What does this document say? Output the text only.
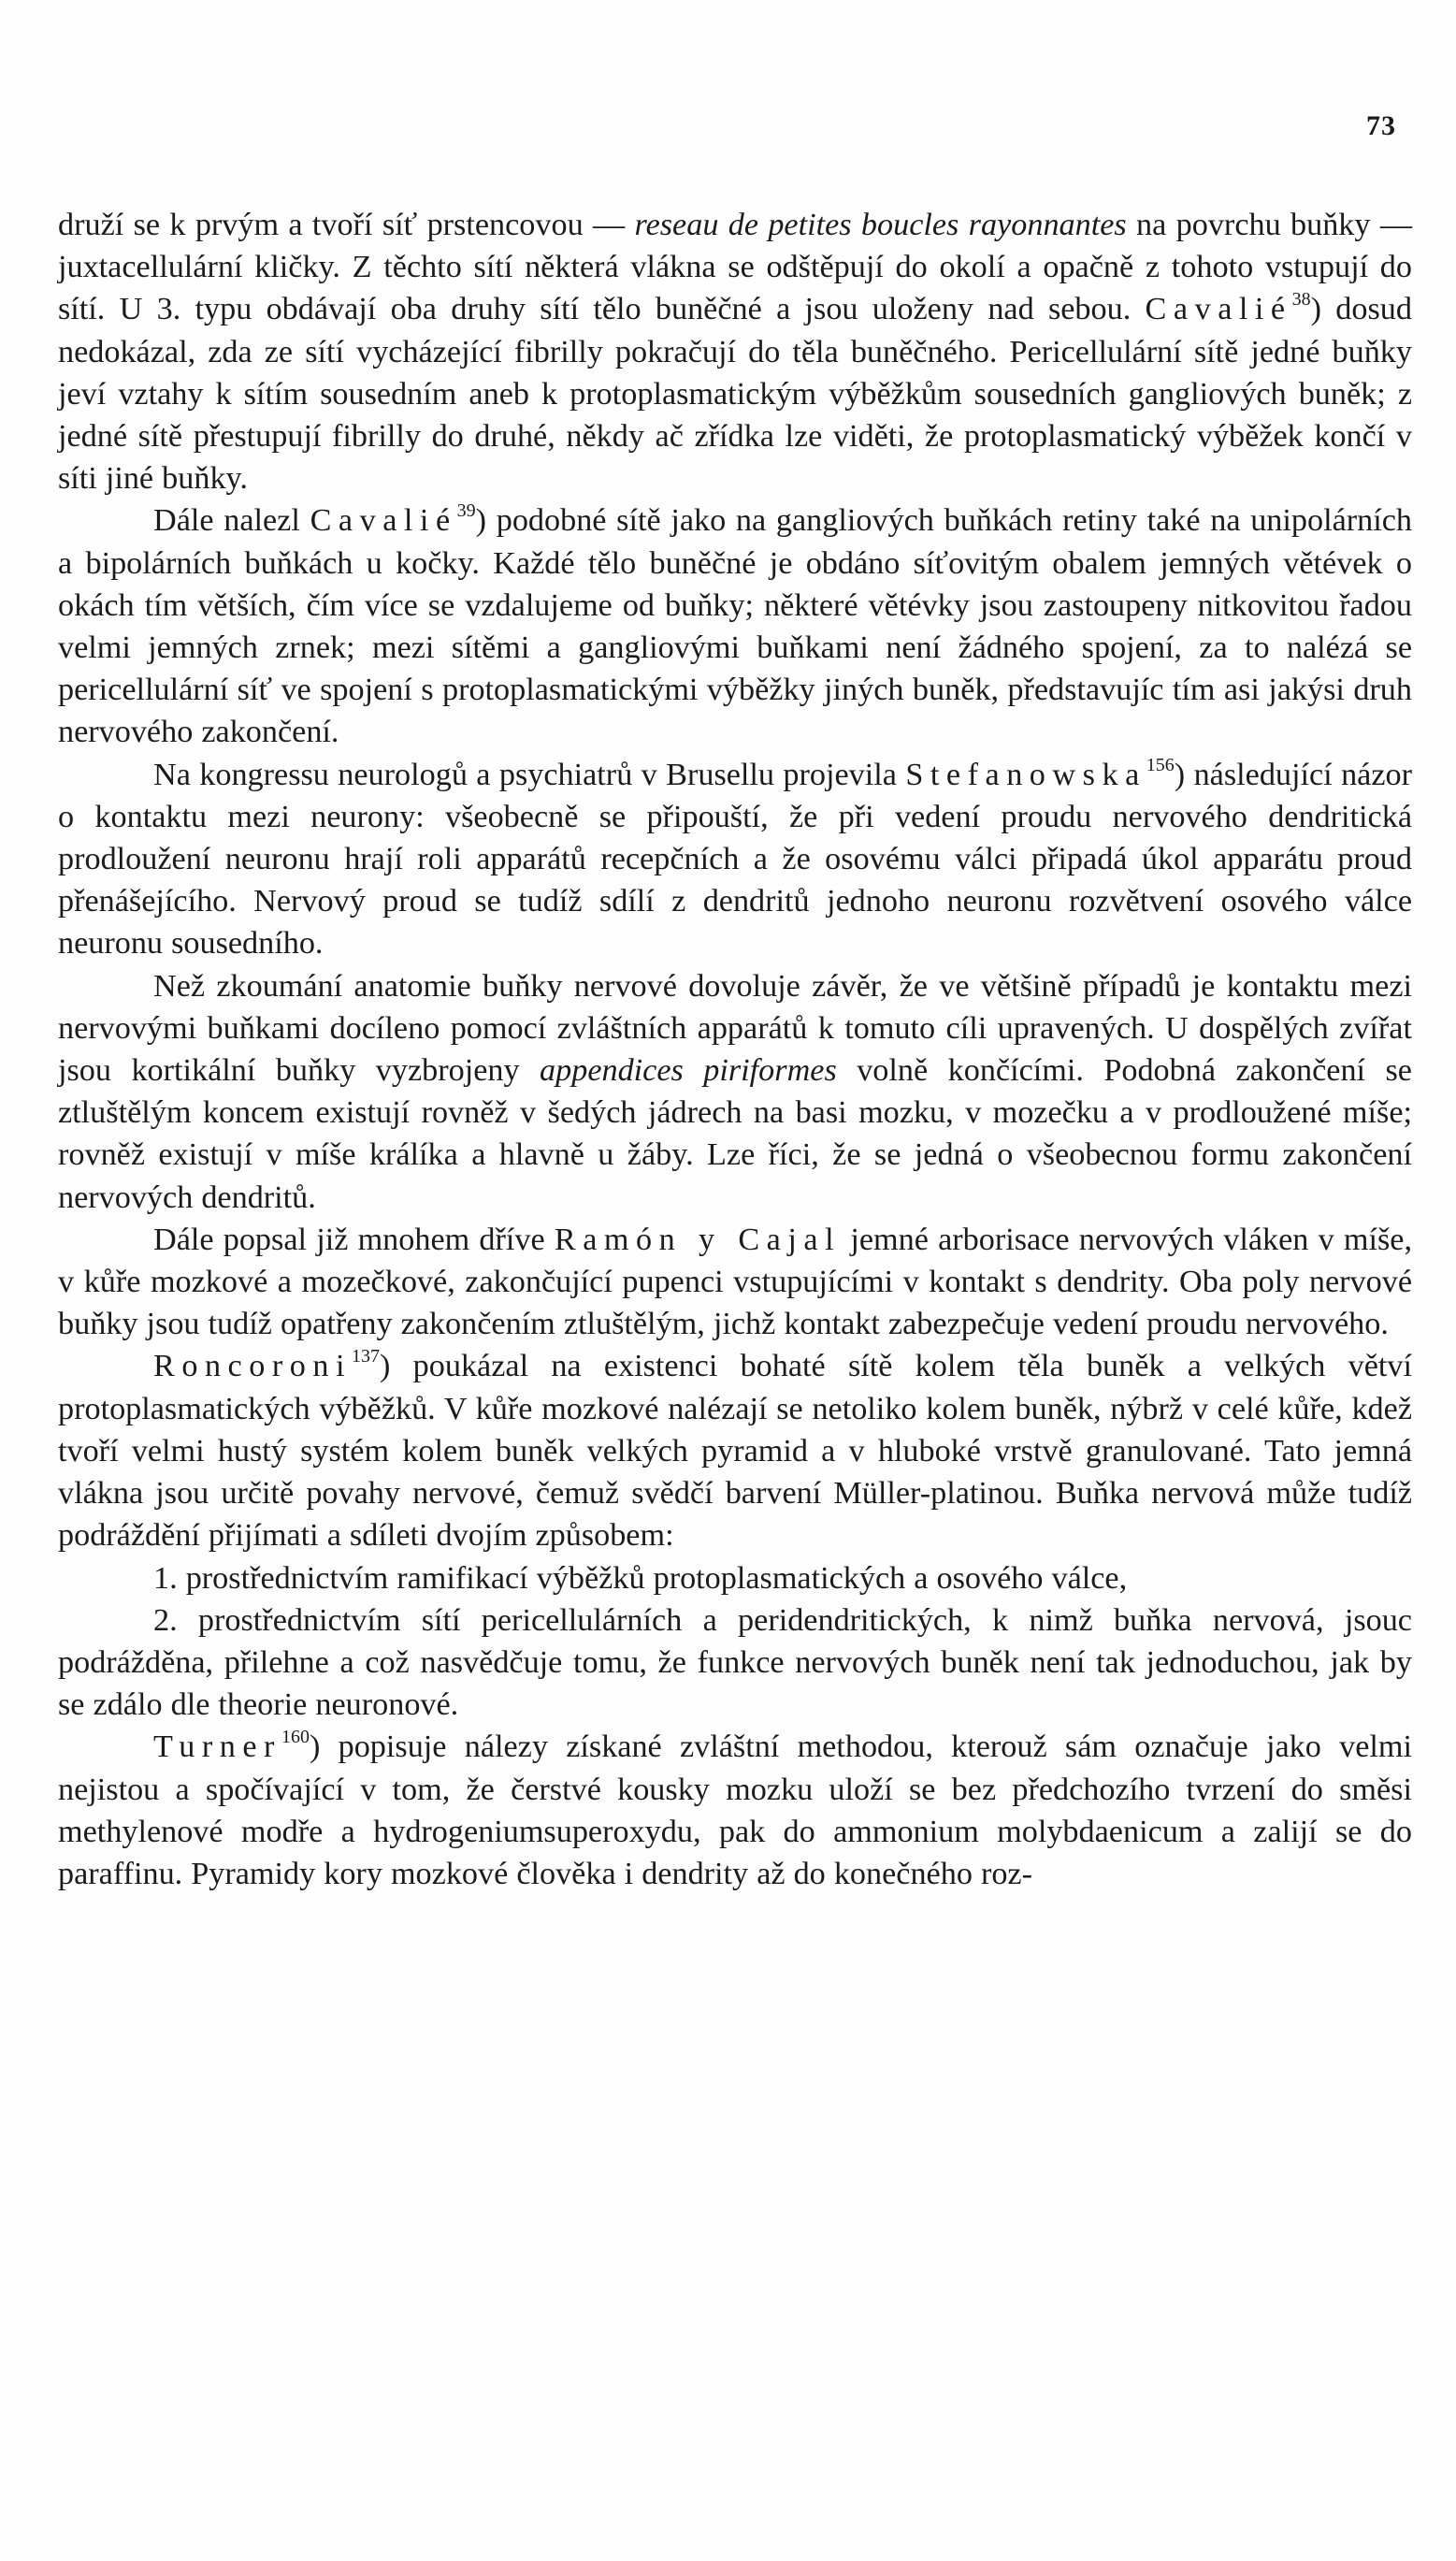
73

druží se k prvým a tvoří síť prstencovou — reseau de petites boucles rayonnantes na povrchu buňky — juxtacellulární kličky. Z těchto sítí některá vlákna se odštěpují do okolí a opačně z tohoto vstupují do sítí. U 3. typu obdávají oba druhy sítí tělo buněčné a jsou uloženy nad sebou. Cavalié$^{38}$) dosud nedokázal, zda ze sítí vycházející fibrilly pokračují do těla buněčného. Pericellulární sítě jedné buňky jeví vztahy k sítím sousedním aneb k protoplasmatickým výběžkům sousedních gangliových buněk; z jedné sítě přestupují fibrilly do druhé, někdy ač zřídka lze viděti, že protoplasmatický výběžek končí v síti jiné buňky.

Dále nalezl Cavalié$^{39}$) podobné sítě jako na gangliových buňkách retiny také na unipolárních a bipolárních buňkách u kočky. Každé tělo buněčné je obdáno síťovitým obalem jemných větévek o okách tím větších, čím více se vzdalujeme od buňky; některé větévky jsou zastoupeny nitkovitou řadou velmi jemných zrnek; mezi sítěmi a gangliovými buňkami není žádného spojení, za to nalézá se pericellulární síť ve spojení s protoplasmatickými výběžky jiných buněk, představujíc tím asi jakýsi druh nervového zakončení.

Na kongressu neurologů a psychiatrů v Brusellu projevila Stefanowska$^{156}$) následující názor o kontaktu mezi neurony: všeobecně se připouští, že při vedení proudu nervového dendritická prodloužení neuronu hrají roli apparátů recepčních a že osovému válci připadá úkol apparátu proud přenášejícího. Nervový proud se tudíž sdílí z dendritů jednoho neuronu rozvětvení osového válce neuronu sousedního.

Než zkoumání anatomie buňky nervové dovoluje závěr, že ve většině případů je kontaktu mezi nervovými buňkami docíleno pomocí zvláštních apparátů k tomuto cíli upravených. U dospělých zvířat jsou kortikální buňky vyzbrojeny appendices piriformes volně končícími. Podobná zakončení se ztluštělým koncem existují rovněž v šedých jádrech na basi mozku, v mozečku a v prodloužené míše; rovněž existují v míše králíka a hlavně u žáby. Lze říci, že se jedná o všeobecnou formu zakončení nervových dendritů.

Dále popsal již mnohem dříve Ramón y Cajal jemné arborisace nervových vláken v míše, v kůře mozkové a mozečkové, zakončující pupenci vstupujícími v kontakt s dendrity. Oba poly nervové buňky jsou tudíž opatřeny zakončením ztluštělým, jichž kontakt zabezpečuje vedení proudu nervového.

Roncoroni$^{137}$) poukázal na existenci bohaté sítě kolem těla buněk a velkých větví protoplasmatických výběžků. V kůře mozkové nalézají se netoliko kolem buněk, nýbrž v celé kůře, kdež tvoří velmi hustý systém kolem buněk velkých pyramid a v hluboké vrstvě granulované. Tato jemná vlákna jsou určitě povahy nervové, čemuž svědčí barvení Müller-platinou. Buňka nervová může tudíž podráždění přijímati a sdíleti dvojím způsobem:

1. prostřednictvím ramifikací výběžků protoplasmatických a osového válce,

2. prostřednictvím sítí pericellulárních a peridendritických, k nimž buňka nervová, jsouc podrážděna, přilehne a což nasvědčuje tomu, že funkce nervových buněk není tak jednoduchou, jak by se zdálo dle theorie neuronové.

Turner$^{160}$) popisuje nálezy získané zvláštní methodou, kterouž sám označuje jako velmi nejistou a spočívající v tom, že čerstvé kousky mozku uloží se bez předchozího tvrzení do směsi methylenové modře a hydrogeniumsuperoxydu, pak do ammonium molybdaenicum a zalijí se do paraffinu. Pyramidy kory mozkové člověka i dendrity až do konečného roz-
